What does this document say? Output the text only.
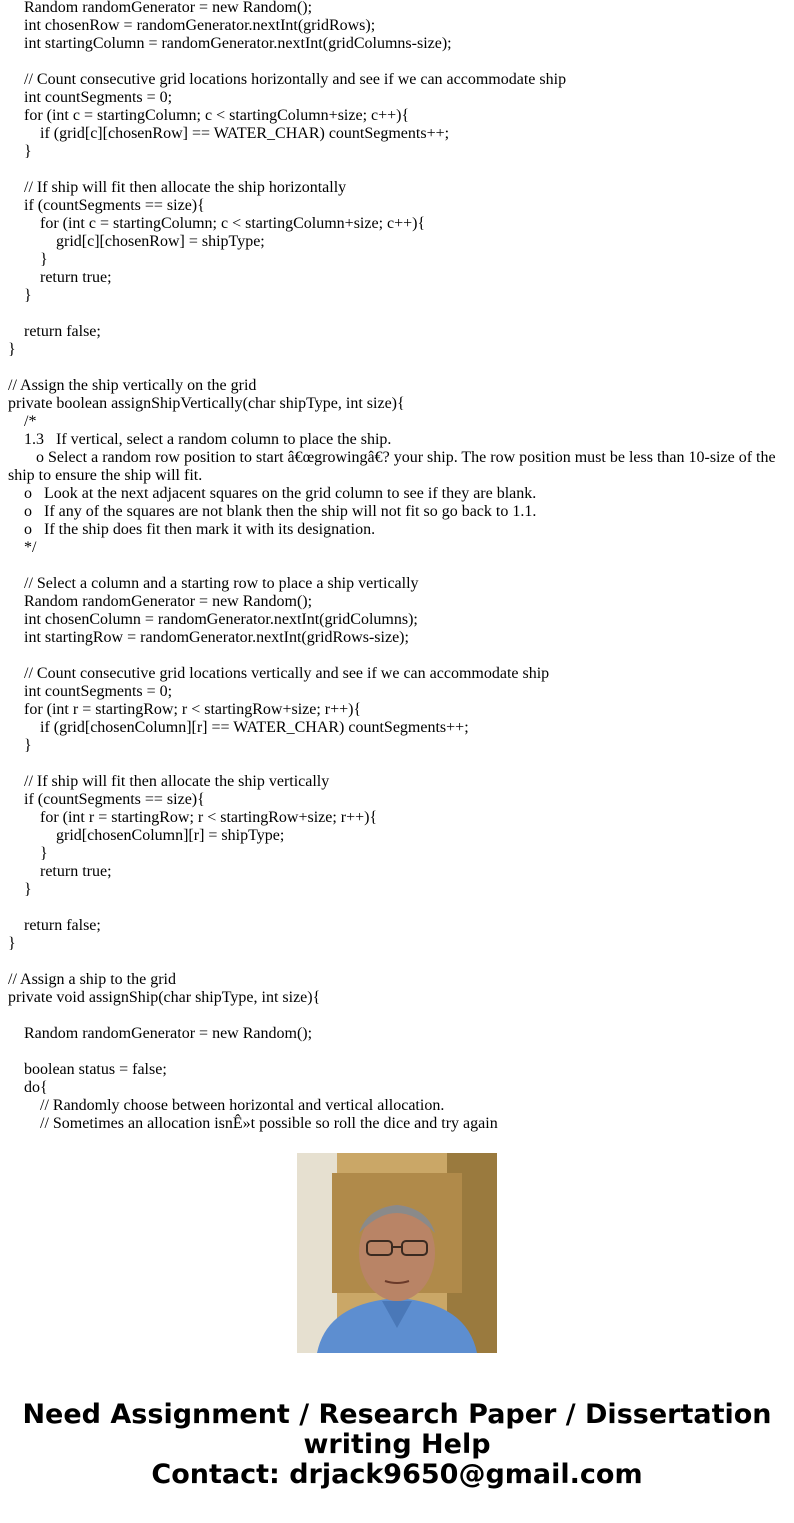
Random randomGenerator = new Random();
int chosenRow = randomGenerator.nextInt(gridRows);
int startingColumn = randomGenerator.nextInt(gridColumns-size);
// Count consecutive grid locations horizontally and see if we can accommodate ship
int countSegments = 0;
for (int c = startingColumn; c < startingColumn+size; c++){
if (grid[c][chosenRow] == WATER_CHAR) countSegments++;
}
// If ship will fit then allocate the ship horizontally
if (countSegments == size){
for (int c = startingColumn; c < startingColumn+size; c++){
grid[c][chosenRow] = shipType;
}
return true;
}
return false;
}
// Assign the ship vertically on the grid
private boolean assignShipVertically(char shipType, int size){
/*
1.3   If vertical, select a random column to place the ship.
o Select a random row position to start â€œgrowingâ€? your ship. The row position must be less than 10-size of the ship to ensure the ship will fit.
o   Look at the next adjacent squares on the grid column to see if they are blank.
o   If any of the squares are not blank then the ship will not fit so go back to 1.1.
o   If the ship does fit then mark it with its designation.
*/
// Select a column and a starting row to place a ship vertically
Random randomGenerator = new Random();
int chosenColumn = randomGenerator.nextInt(gridColumns);
int startingRow = randomGenerator.nextInt(gridRows-size);
// Count consecutive grid locations vertically and see if we can accommodate ship
int countSegments = 0;
for (int r = startingRow; r < startingRow+size; r++){
if (grid[chosenColumn][r] == WATER_CHAR) countSegments++;
}
// If ship will fit then allocate the ship vertically
if (countSegments == size){
for (int r = startingRow; r < startingRow+size; r++){
grid[chosenColumn][r] = shipType;
}
return true;
}
return false;
}
// Assign a ship to the grid
private void assignShip(char shipType, int size){
Random randomGenerator = new Random();
boolean status = false;
do{
// Randomly choose between horizontal and vertical allocation.
// Sometimes an allocation isnÊ»t possible so roll the dice and try again
Need Assignment / Research Paper / Dissertation
writing Help
Contact: drjack9650@gmail.com
